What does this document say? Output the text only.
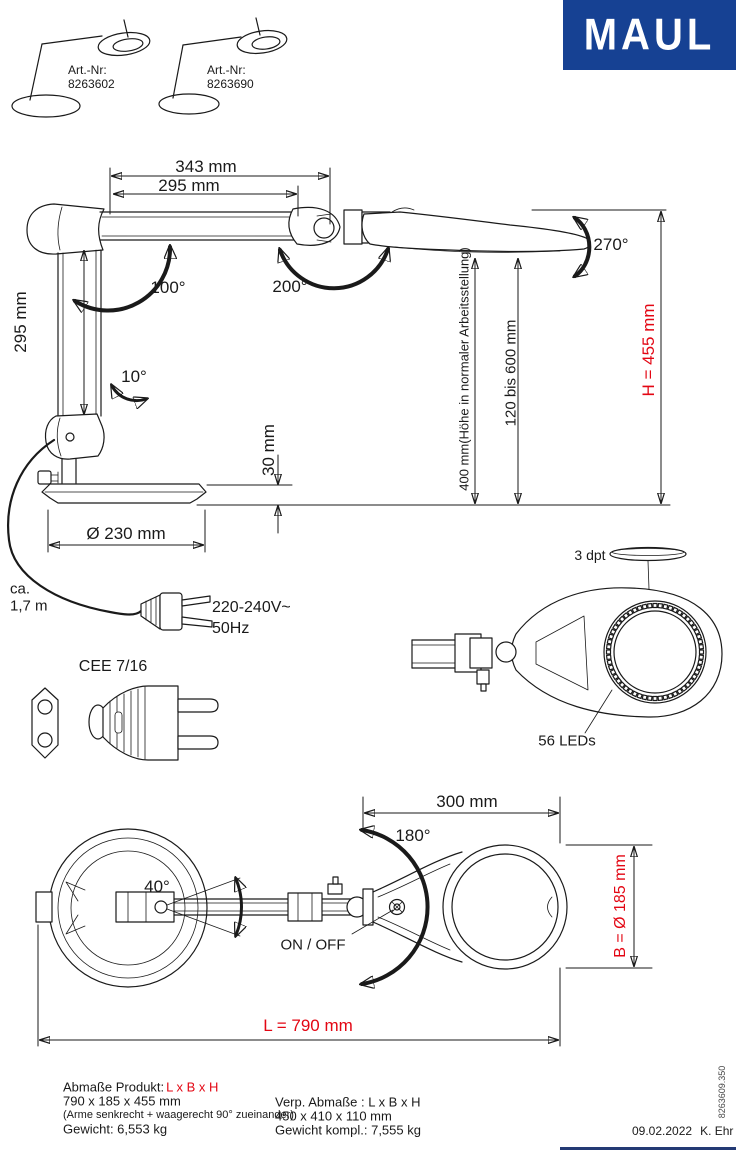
MAUL
Art.-Nr:
8263602
Art.-Nr:
8263690
343 mm
295 mm
100°	200°
270°
295 mm
10°	400 mm(Höhe in normaler Arbeitsstellung) 120 bis 600 mm	H = 455 mm
30 mm
Ø 230 mm
ca.
1,7 m	220-240V~
50Hz
CEE 7/16
3 dpt
56 LEDs
300 mm
180°
40°
ON / OFF	B = Ø 185 mm
L = 790 mm
Abmaße Produkt: L x B x H
790 x 185 x 455 mm
(Arme senkrecht + waagerecht 90° zueinander)
Gewicht: 6,553 kg
Verp. Abmaße : L x B x H
450 x 410 x 110 mm
Gewicht kompl.: 7,555 kg	09.02.2022 K. Ehr
8263609.350
